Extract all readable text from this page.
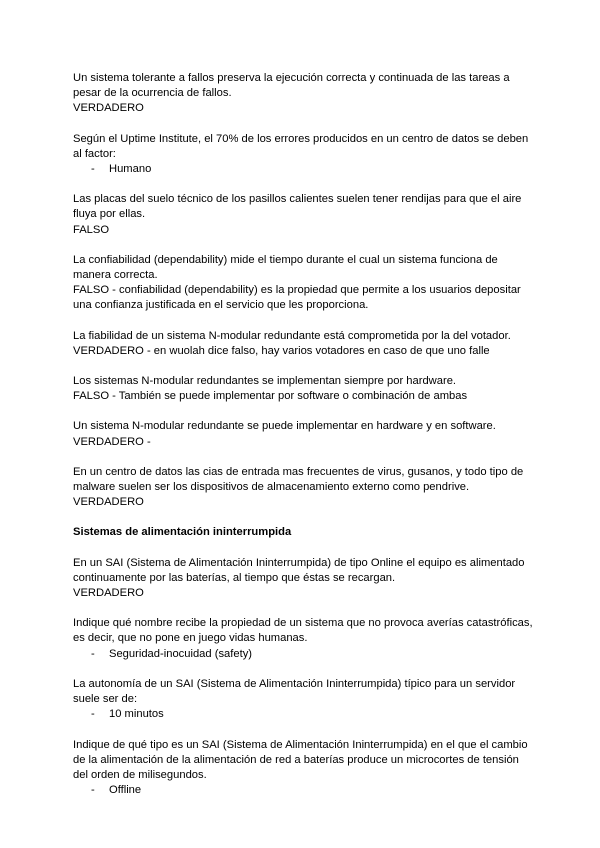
Un sistema tolerante a fallos preserva la ejecución correcta y continuada de las tareas a pesar de la ocurrencia de fallos.

VERDADERO

Según el Uptime Institute, el 70% de los errores producidos en un centro de datos se deben al factor:

- Humano

Las placas del suelo técnico de los pasillos calientes suelen tener rendijas para que el aire fluya por ellas.

FALSO

La confiabilidad (dependability) mide el tiempo durante el cual un sistema funciona de manera correcta.

FALSO - confiabilidad (dependability) es la propiedad que permite a los usuarios depositar una confianza justificada en el servicio que les proporciona.

La fiabilidad de un sistema N-modular redundante está comprometida por la del votador.

VERDADERO - en wuolah dice falso, hay varios votadores en caso de que uno falle

Los sistemas N-modular redundantes se implementan siempre por hardware.

FALSO - También se puede implementar por software o combinación de ambas

Un sistema N-modular redundante se puede implementar en hardware y en software.

VERDADERO -

En un centro de datos las cias de entrada mas frecuentes de virus, gusanos, y todo tipo de malware suelen ser los dispositivos de almacenamiento externo como pendrive.

VERDADERO

Sistemas de alimentación ininterrumpida

En un SAI (Sistema de Alimentación Ininterrumpida) de tipo Online el equipo es alimentado continuamente por las baterías, al tiempo que éstas se recargan.

VERDADERO

Indique qué nombre recibe la propiedad de un sistema que no provoca averías catastróficas, es decir, que no pone en juego vidas humanas.

- Seguridad-inocuidad (safety)

La autonomía de un SAI (Sistema de Alimentación Ininterrumpida) típico para un servidor suele ser de:

- 10 minutos

Indique de qué tipo es un SAI (Sistema de Alimentación Ininterrumpida) en el que el cambio de la alimentación de la alimentación de red a baterías produce un microcortes de tensión del orden de milisegundos.

- Offline
